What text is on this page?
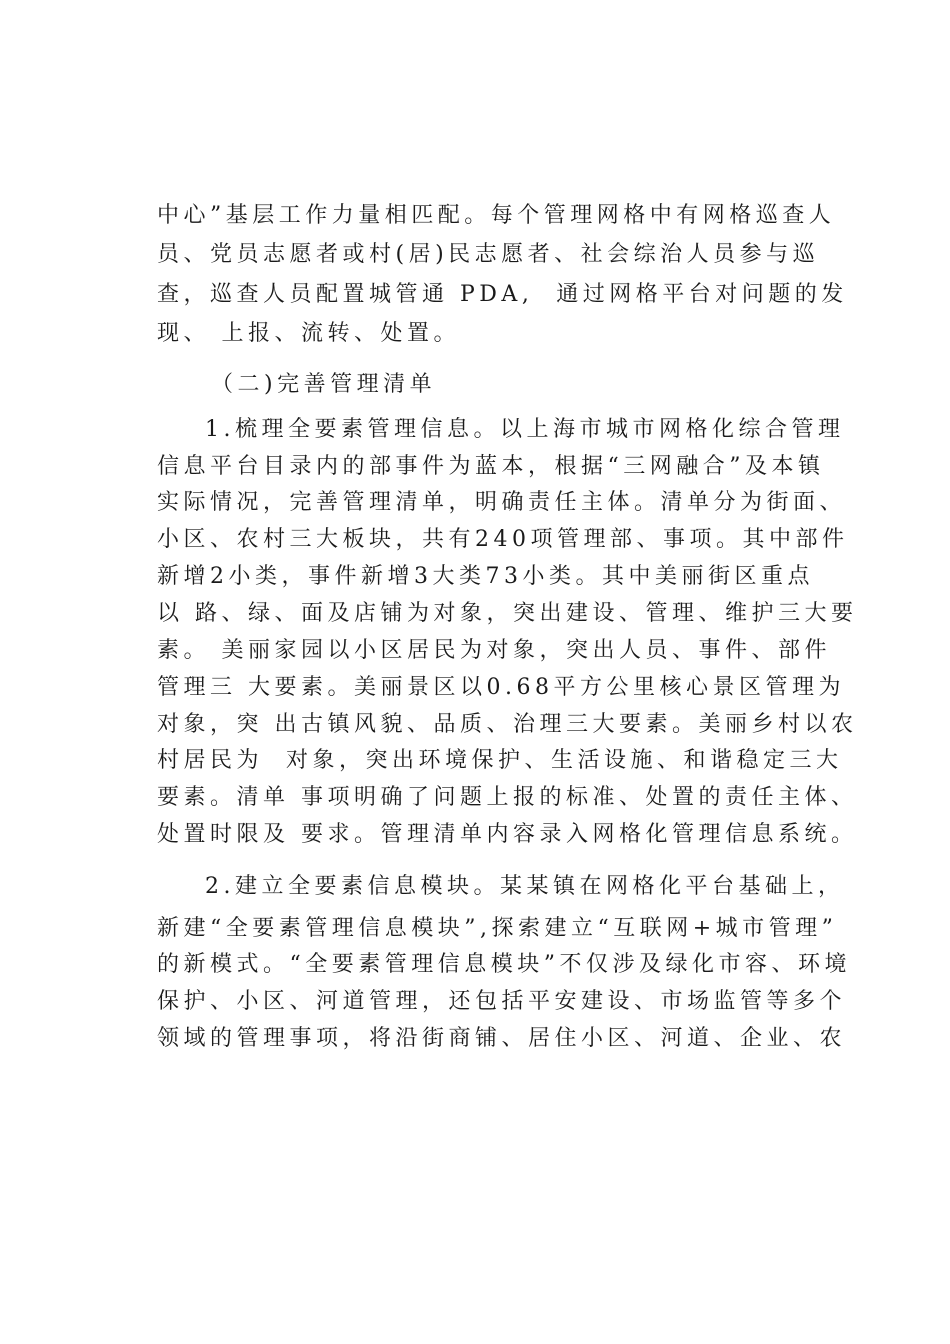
中心”基层工作力量相匹配。每个管理网格中有网格巡查人
员、党员志愿者或村(居)民志愿者、社会综治人员参与巡
查，巡查人员配置城管通 PDA,  通过网格平台对问题的发
现、 上报、流转、处置。
（二)完善管理清单
1.梳理全要素管理信息。以上海市城市网格化综合管理
信息平台目录内的部事件为蓝本，根据“三网融合”及本镇
实际情况，完善管理清单，明确责任主体。清单分为街面、
小区、农村三大板块，共有240项管理部、事项。其中部件
新增2小类，事件新增3大类73小类。其中美丽街区重点
以 路、绿、面及店铺为对象，突出建设、管理、维护三大要
素。 美丽家园以小区居民为对象，突出人员、事件、部件
管理三 大要素。美丽景区以0.68平方公里核心景区管理为
对象，突 出古镇风貌、品质、治理三大要素。美丽乡村以农
村居民为  对象，突出环境保护、生活设施、和谐稳定三大
要素。清单 事项明确了问题上报的标准、处置的责任主体、
处置时限及 要求。管理清单内容录入网格化管理信息系统。
2.建立全要素信息模块。某某镇在网格化平台基础上，
新建“全要素管理信息模块”,探索建立“互联网+城市管理”
的新模式。“全要素管理信息模块”不仅涉及绿化市容、环境
保护、小区、河道管理，还包括平安建设、市场监管等多个
领域的管理事项，将沿街商铺、居住小区、河道、企业、农
